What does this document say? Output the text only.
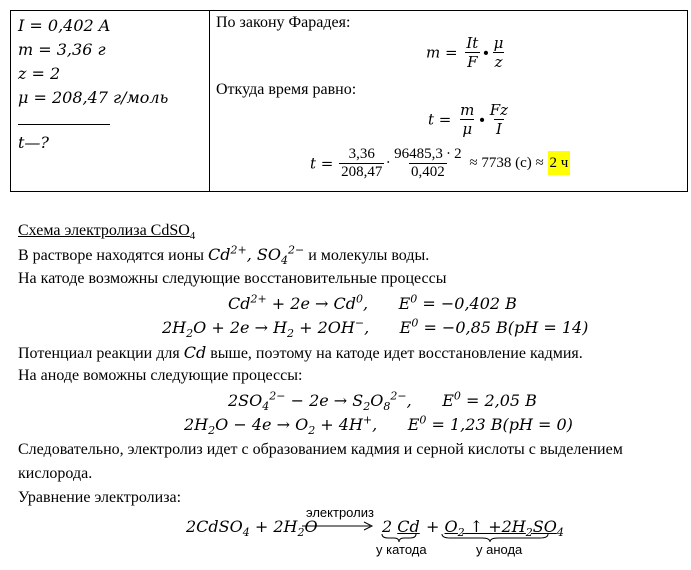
I = 0,402 A
m = 3,36 г
z = 2
μ = 208,47 г/моль
t—?
По закону Фарадея:
$m = \frac{It}{F} \cdot \frac{\mu}{z}$
Откуда время равно:
$t = \frac{m}{\mu} \cdot \frac{Fz}{I}$
$t = \frac{3,36}{208,47} \cdot \frac{96485,3 \cdot 2}{0,402} \approx 7738$ (c) ≈ 2 ч
Схема электролиза CdSO$_4$
В растворе находятся ионы $Cd^{2+}$, $SO_4^{2-}$ и молекулы воды.
На катоде возможны следующие восстановительные процессы
$Cd^{2+} + 2e \to Cd^0$,      $E^0 = -0,402$ В
$2H_2O + 2e \to H_2 + 2OH^-$,      $E^0 = -0,85$ В(pH = 14)
Потенциал реакции для Cd выше, поэтому на катоде идет восстановление кадмия.
На аноде воможны следующие процессы:
$2SO_4^{2-} - 2e \to S_2O_8^{2-}$,      $E^0 = 2,05$ В
$2H_2O - 4e \to O_2 + 4H^+$,      $E^0 = 1,23$ В(pH = 0)
Следовательно, электролиз идет с образованием кадмия и серной кислоты с выделением
кислорода.
Уравнение электролиза:
2CdSO$_4$ + $2H_2O$
электролиз
2 $Cd + O_2$ ↑ $+2H_2SO_4$
у катода	у анода
